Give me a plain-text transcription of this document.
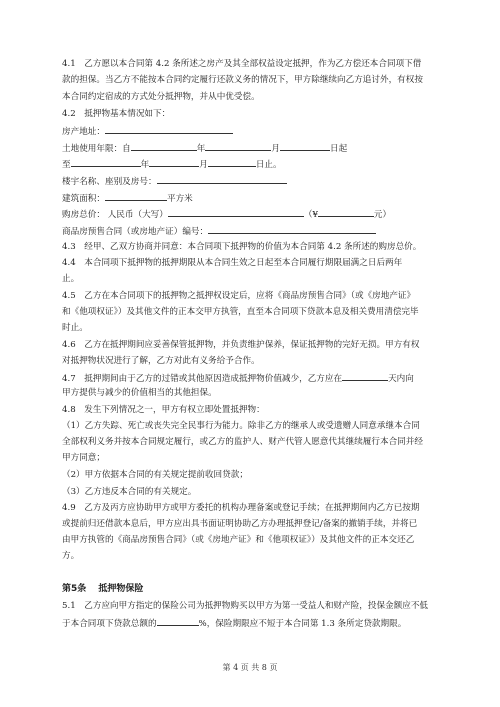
4.1　乙方愿以本合同第 4.2 条所述之房产及其全部权益设定抵押，作为乙方偿还本合同项下借
款的担保。当乙方不能按本合同约定履行还款义务的情况下，甲方除继续向乙方追讨外，有权按
本合同约定宿成的方式处分抵押物，并从中优受偿。
4.2　抵押物基本情况如下：
房产地址：
土地使用年限：自	年	月	日起
至	年	月	日止。
楼宇名称、座别及房号：
建筑面积：	平方米
购房总价： 人民币（大写）	（¥	元）
商品房预售合同（或房地产证）编号：
4.3　经甲、乙双方协商并同意：本合同项下抵押物的价值为本合同第 4.2 条所述的购房总价。
4.4　本合同项下抵押物的抵押期限从本合同生效之日起至本合同履行期限届满之日后两年
止。
4.5　乙方在本合同项下的抵押物之抵押权设定后，应将《商品房预售合同》（或《房地产证》
和《他项权证》）及其他文件的正本交甲方执管，直至本合同项下贷款本息及相关费用清偿完毕
时止。
4.6　乙方在抵押期间应妥善保管抵押物，并负责维护保养，保证抵押物的完好无损。甲方有权
对抵押物状况进行了解，乙方对此有义务给予合作。
4.7　抵押期间由于乙方的过错或其他原因造成抵押物价值减少，乙方应在	天内向
甲方提供与减少的价值相当的其他担保。
4.8　发生下列情况之一，甲方有权立即处置抵押物：
（1）乙方失踪、死亡或丧失完全民事行为能力。除非乙方的继承人或受遗赠人同意承继本合同
全部权利义务并按本合同规定履行，或乙方的监护人、财产代管人愿意代其继续履行本合同并经
甲方同意；
（2）甲方依据本合同的有关规定提前收回贷款；
（3）乙方违反本合同的有关规定。
4.9　乙方及丙方应协助甲方或甲方委托的机构办理备案或登记手续；在抵押期间内乙方已按期
或提前归还借款本息后，甲方应出具书面证明协助乙方办理抵押登记/备案的撤销手续，并将已
由甲方执管的《商品房预售合同》（或《房地产证》和《他项权证》）及其他文件的正本交还乙
方。
第5条　 抵押物保险
5.1　乙方应向甲方指定的保险公司为抵押物购买以甲方为第一受益人和财产险，投保金额应不低
于本合同项下贷款总额的	%，保险期限应不短于本合同第 1.3 条所定贷款期限。
第 4 页 共 8 页
